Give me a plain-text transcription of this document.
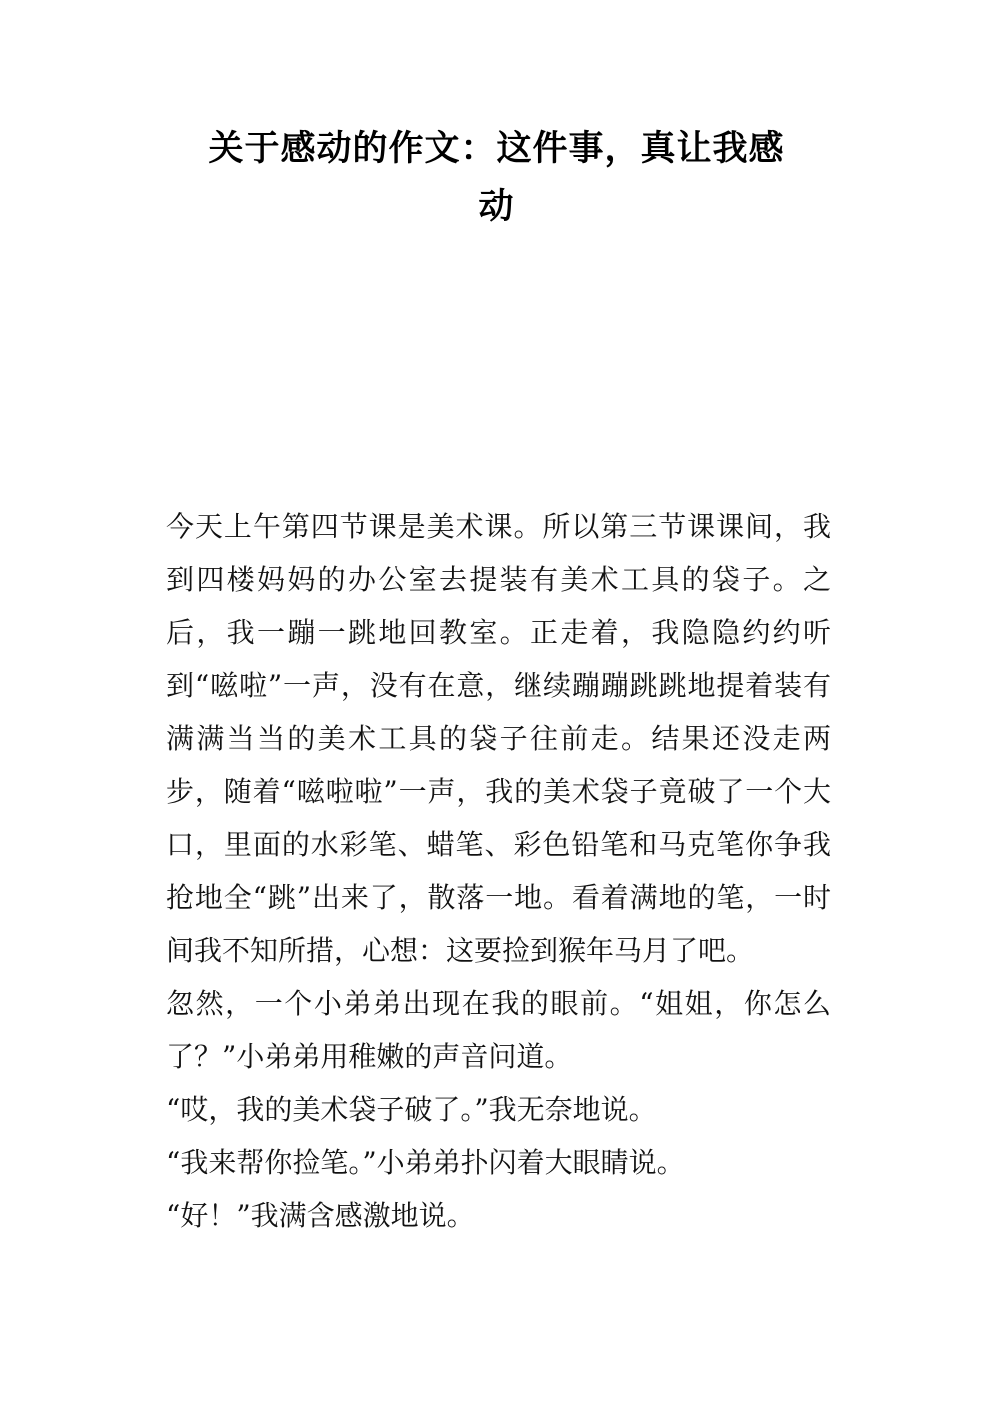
关于感动的作文：这件事，真让我感
动

今天上午第四节课是美术课。所以第三节课课间，我到四楼妈妈的办公室去提装有美术工具的袋子。之后，我一蹦一跳地回教室。正走着，我隐隐约约听到“嗞啦”一声，没有在意，继续蹦蹦跳跳地提着装有满满当当的美术工具的袋子往前走。结果还没走两步，随着“嗞啦啦”一声，我的美术袋子竟破了一个大口，里面的水彩笔、蜡笔、彩色铅笔和马克笔你争我抢地全“跳”出来了，散落一地。看着满地的笔，一时间我不知所措，心想：这要捡到猴年马月了吧。

忽然，一个小弟弟出现在我的眼前。“姐姐，你怎么了？”小弟弟用稚嫩的声音问道。

“哎，我的美术袋子破了。”我无奈地说。

“我来帮你捡笔。”小弟弟扑闪着大眼睛说。

“好！”我满含感激地说。
